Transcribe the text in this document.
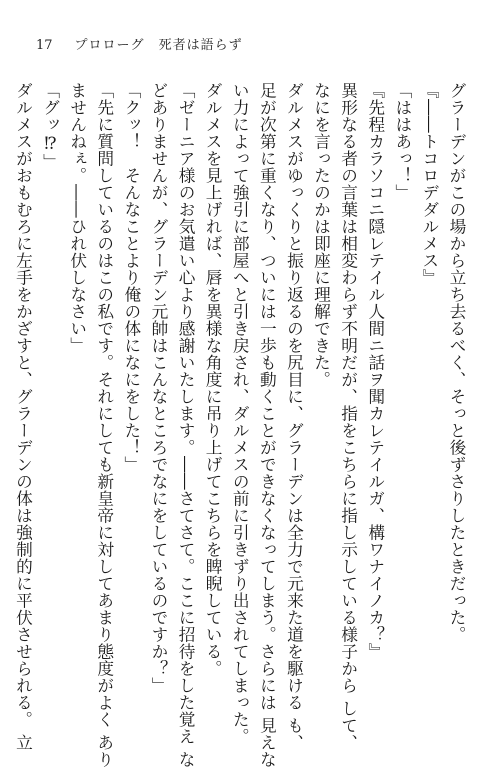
17 プロローグ 死者は語らず

グラーデンがこの場から立ち去るべく、そっと後ずさりしたときだった。

『――トコロデダルメス』

「ははあっ！」

『先程カラソコニ隠レテイル人間ニ話ヲ聞カレテイルガ、構ワナイノカ？』

異形なる者の言葉は相変わらず不明だが、指をこちらに指し示している様子から して、

なにを言ったのかは即座に理解できた。

ダルメスがゆっくりと振り返るのを尻目に、グラーデンは全力で元来た道を駆ける も、

足が次第に重くなり、ついには一歩も動くことができなくなってしまう。さらには 見えな

い力によって強引に部屋へと引き戻され、ダルメスの前に引きずり出されてしまった。

ダルメスを見上げれば、唇を異様な角度に吊り上げてこちらを睥睨している。

「ゼーニア様のお気遣い心より感謝いたします。――さてさて。ここに招待をした覚え な

どありませんが、グラーデン元帥はこんなところでなにをしているのですか？」

「クッ！　そんなことより俺の体になにをした！」

「先に質問しているのはこの私です。それにしても新皇帝に対してあまり態度がよく あり

ませんねぇ。――ひれ伏しなさい」

「グッ⁉」

ダルメスがおもむろに左手をかざすと、グラーデンの体は強制的に平伏させられる。 立
